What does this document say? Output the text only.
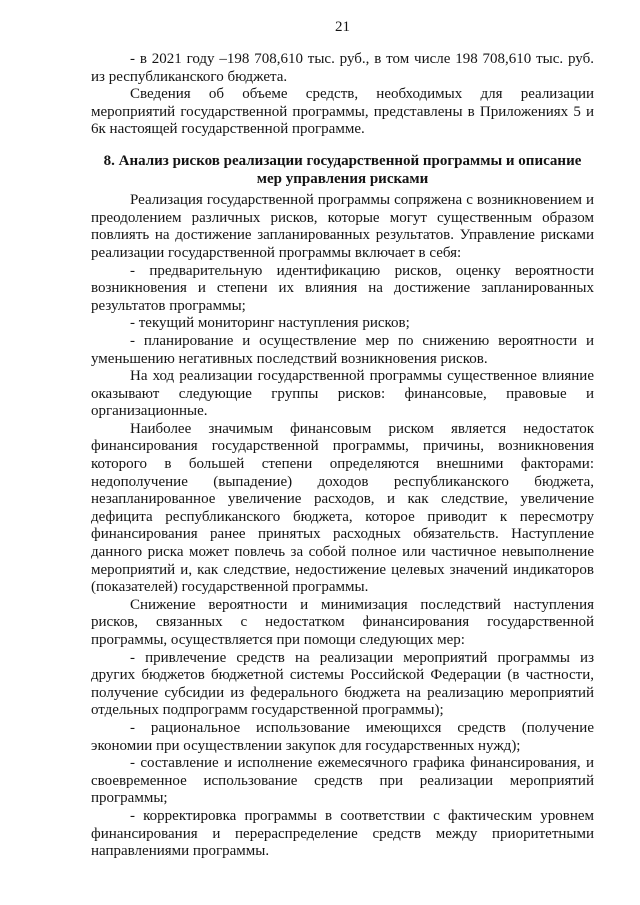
21

- в 2021 году –198 708,610 тыс. руб., в том числе 198 708,610 тыс. руб. из республиканского бюджета.

Сведения об объеме средств, необходимых для реализации мероприятий государственной программы, представлены в Приложениях 5 и 6к настоящей государственной программе.

8. Анализ рисков реализации государственной программы и описание
мер управления рисками

Реализация государственной программы сопряжена с возникновением и преодолением различных рисков, которые могут существенным образом повлиять на достижение запланированных результатов. Управление рисками реализации государственной программы включает в себя:

- предварительную идентификацию рисков, оценку вероятности возникновения и степени их влияния на достижение запланированных результатов программы;

- текущий мониторинг наступления рисков;

- планирование и осуществление мер по снижению вероятности и уменьшению негативных последствий возникновения рисков.

На ход реализации государственной программы существенное влияние оказывают следующие группы рисков: финансовые, правовые и организационные.

Наиболее значимым финансовым риском является недостаток финансирования государственной программы, причины, возникновения которого в большей степени определяются внешними факторами: недополучение (выпадение) доходов республиканского бюджета, незапланированное увеличение расходов, и как следствие, увеличение дефицита республиканского бюджета, которое приводит к пересмотру финансирования ранее принятых расходных обязательств. Наступление данного риска может повлечь за собой полное или частичное невыполнение мероприятий и, как следствие, недостижение целевых значений индикаторов (показателей) государственной программы.

Снижение вероятности и минимизация последствий наступления рисков, связанных с недостатком финансирования государственной программы, осуществляется при помощи следующих мер:

- привлечение средств на реализации мероприятий программы из других бюджетов бюджетной системы Российской Федерации (в частности, получение субсидии из федерального бюджета на реализацию мероприятий отдельных подпрограмм государственной программы);

- рациональное использование имеющихся средств (получение экономии при осуществлении закупок для государственных нужд);

- составление и исполнение ежемесячного графика финансирования, и своевременное использование средств при реализации мероприятий программы;

- корректировка программы в соответствии с фактическим уровнем финансирования и перераспределение средств между приоритетными направлениями программы.
